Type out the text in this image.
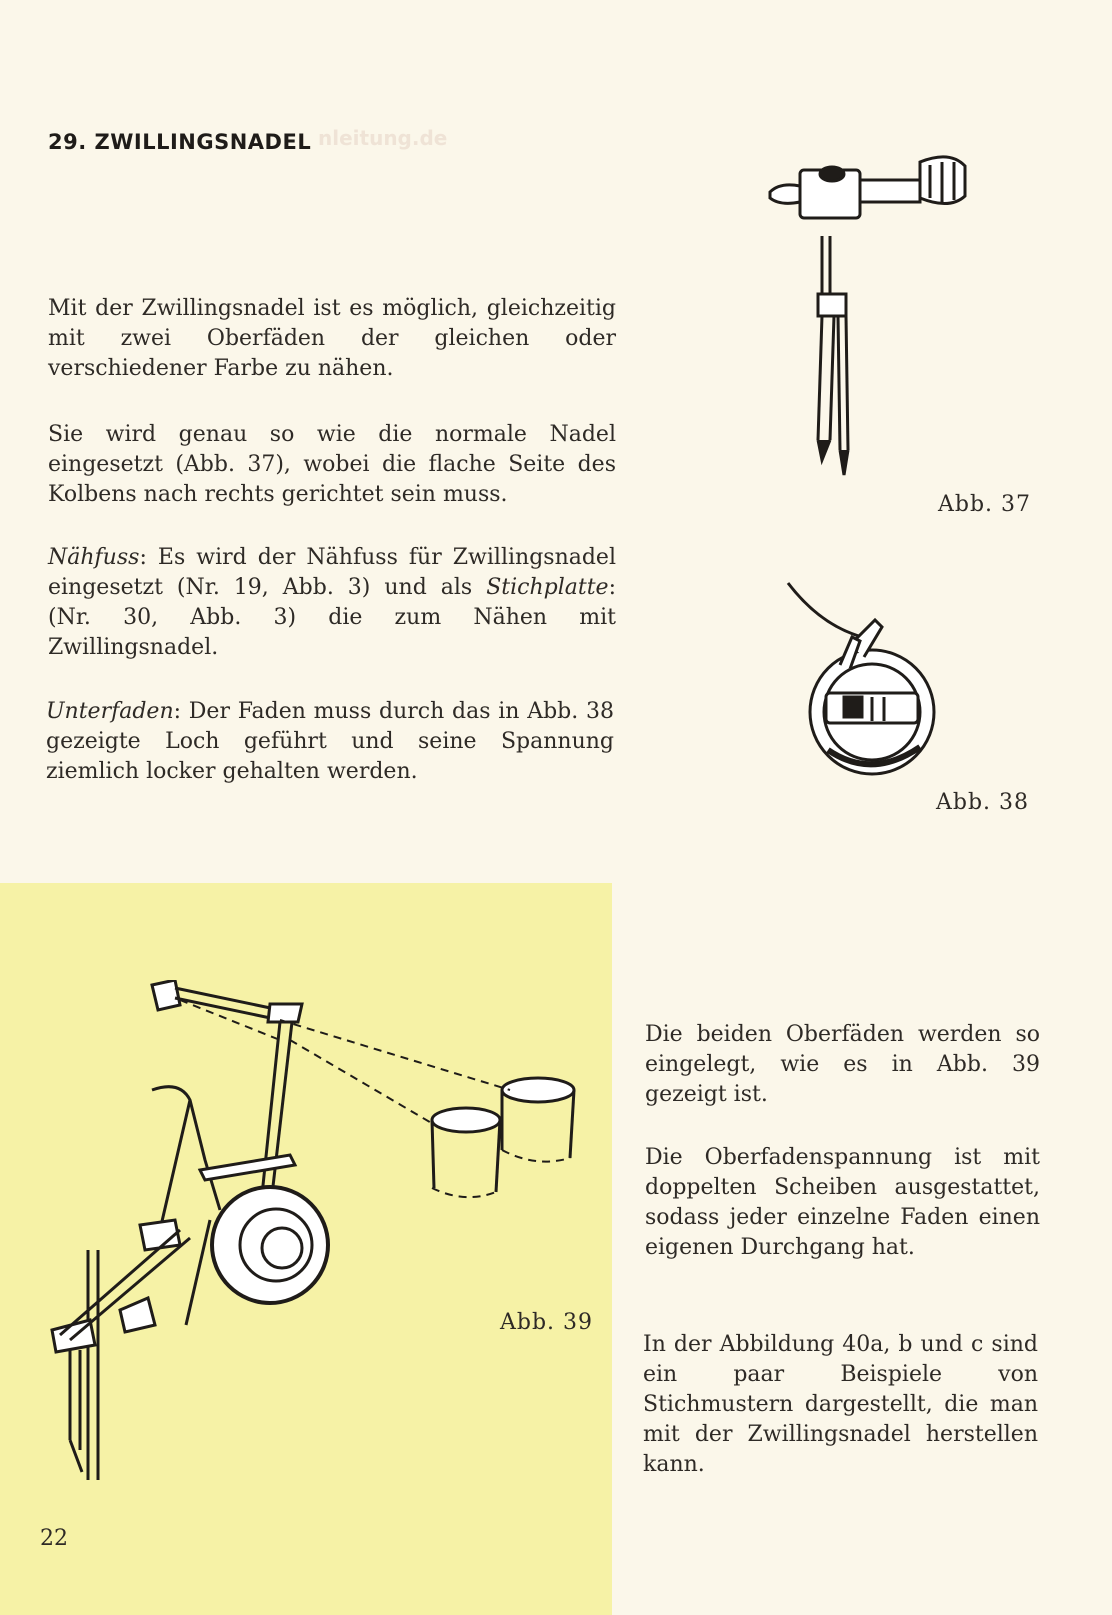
29. ZWILLINGSNADEL nleitung.de

Mit der Zwillingsnadel ist es möglich, gleichzeitig mit zwei Oberfäden der gleichen oder verschiedener Farbe zu nähen.

Sie wird genau so wie die normale Nadel eingesetzt (Abb. 37), wobei die flache Seite des Kolbens nach rechts gerichtet sein muss.

Nähfuss: Es wird der Nähfuss für Zwillingsnadel eingesetzt (Nr. 19, Abb. 3) und als Stichplatte: (Nr. 30, Abb. 3) die zum Nähen mit Zwillingsnadel.

Unterfaden: Der Faden muss durch das in Abb. 38 gezeigte Loch geführt und seine Spannung ziemlich locker gehalten werden.

Die beiden Oberfäden werden so eingelegt, wie es in Abb. 39 gezeigt ist.

Die Oberfadenspannung ist mit doppelten Scheiben ausgestattet, sodass jeder einzelne Faden einen eigenen Durchgang hat.

In der Abbildung 40a, b und c sind ein paar Beispiele von Stichmustern dargestellt, die man mit der Zwillingsnadel herstellen kann.

Abb. 37
Abb. 38
Abb. 39
22
